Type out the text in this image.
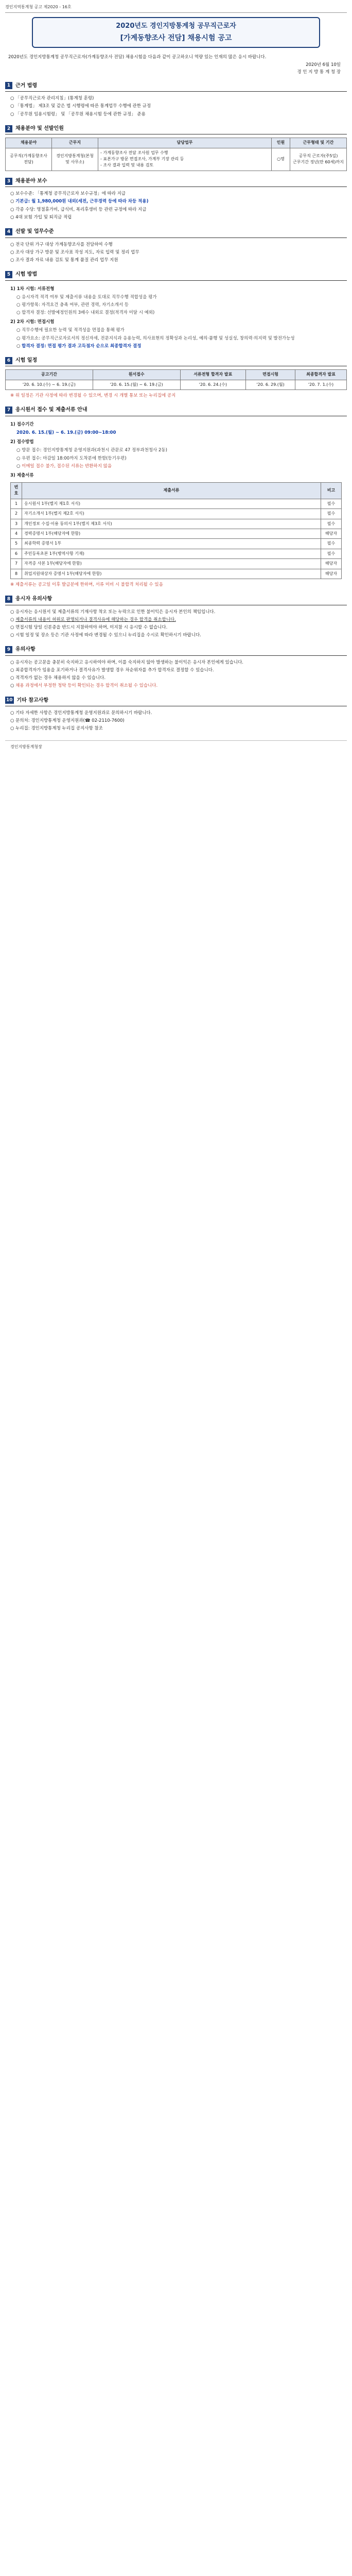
경인지역통계청 공고 제2020 - 16호
2020년도 경인지방통계청 공무직근로자
[가계동향조사 전담] 채용시험 공고
2020년도 경인지방통계청 공무직근로자(가계동향조사 전담) 채용시험을 다음과 같이 공고하오니 역량 있는 인재의 많은 응시 바랍니다.
2020년 6월 10일
경 인 지 방 통 계 청 장
1 근거 법령
○ 「공무직근로자 관리지침」(통계청 훈령)
○ 「통계법」 제3조 및 같은 법 시행령에 따른 통계업무 수행에 관한 규정
○ 「공무원 임용시험령」 및 「공무원 채용시험 등에 관한 규정」 준용
2 채용분야 및 선발인원
채용분야	근무지	담당업무	인원	근무형태 및 기간
공무직(가계동향조사 전담)	경인지방통계청(본청 및 사무소)	- 가계동향조사 전담 조사원 업무 수행
- 표본가구 방문 면접조사, 가계부 기장 관리 등
- 조사 결과 입력 및 내용 검토	○명	공무직 근로자(주5일)
근무기간 정년(만 60세)까지
3 채용분야 보수
○ 보수수준: 「통계청 공무직근로자 보수규정」에 따라 지급
○ 기본급: 월 1,980,000원 내외(세전, 근무경력 등에 따라 차등 적용)
○ 각종 수당: 명절휴가비, 급식비, 복리후생비 등 관련 규정에 따라 지급
○ 4대 보험 가입 및 퇴직금 적립
4 선발 및 업무수준
○ 전국 단위 가구 대상 가계동향조사를 전담하여 수행
○ 조사 대상 가구 방문 및 조사표 작성 지도, 자료 입력 및 정리 업무
○ 조사 결과 자료 내용 검토 및 통계 품질 관리 업무 지원
5 시험 방법
1) 1차 시험: 서류전형
○ 응시자격 적격 여부 및 제출서류 내용을 토대로 직무수행 적합성을 평가
○ 평가항목: 자격요건 충족 여부, 관련 경력, 자기소개서 등
○ 합격자 결정: 선발예정인원의 3배수 내외로 결정(적격자 미달 시 예외)
2) 2차 시험: 면접시험
○ 직무수행에 필요한 능력 및 적격성을 면접을 통해 평가
○ 평가요소: 공무직근로자로서의 정신자세, 전문지식과 응용능력, 의사표현의 정확성과 논리성, 예의·품행 및 성실성, 창의력·의지력 및 발전가능성
○ 합격자 결정: 면접 평가 결과 고득점자 순으로 최종합격자 결정
6 시험 일정
공고기간	원서접수	서류전형 합격자 발표	면접시험	최종합격자 발표
'20. 6. 10.(수) ~ 6. 19.(금)	'20. 6. 15.(월) ~ 6. 19.(금)	'20. 6. 24.(수)	'20. 6. 29.(월)	'20. 7. 1.(수)
※ 위 일정은 기관 사정에 따라 변경될 수 있으며, 변경 시 개별 통보 또는 누리집에 공지
7 응시원서 접수 및 제출서류 안내
1) 접수기간
2020. 6. 15.(월) ~ 6. 19.(금) 09:00~18:00
2) 접수방법
○ 방문 접수: 경인지방통계청 운영지원과(과천시 관문로 47 정부과천청사 2동)
○ 우편 접수: 마감일 18:00까지 도착분에 한함(등기우편)
○ 이메일 접수 불가, 접수된 서류는 반환하지 않음
3) 제출서류
번호	제출서류	비고
1	응시원서 1부(별지 제1호 서식)	필수
2	자기소개서 1부(별지 제2호 서식)	필수
3	개인정보 수집·이용 동의서 1부(별지 제3호 서식)	필수
4	경력증명서 1부(해당자에 한함)	해당자
5	최종학력 증명서 1부	필수
6	주민등록초본 1부(병역사항 기재)	필수
7	자격증 사본 1부(해당자에 한함)	해당자
8	취업지원대상자 증명서 1부(해당자에 한함)	해당자
※ 제출서류는 공고일 이후 발급분에 한하며, 서류 미비 시 불합격 처리될 수 있음
8 응시자 유의사항
○ 응시자는 응시원서 및 제출서류의 기재사항 착오 또는 누락으로 인한 불이익은 응시자 본인의 책임입니다.
○ 제출서류의 내용이 허위로 판명되거나 결격사유에 해당하는 경우 합격을 취소합니다.
○ 면접시험 당일 신분증을 반드시 지참하여야 하며, 미지참 시 응시할 수 없습니다.
○ 시험 일정 및 장소 등은 기관 사정에 따라 변경될 수 있으니 누리집을 수시로 확인하시기 바랍니다.
9 유의사항
○ 응시자는 공고문을 충분히 숙지하고 응시하여야 하며, 이를 숙지하지 않아 발생하는 불이익은 응시자 본인에게 있습니다.
○ 최종합격자가 임용을 포기하거나 결격사유가 발생할 경우 차순위자를 추가 합격자로 결정할 수 있습니다.
○ 적격자가 없는 경우 채용하지 않을 수 있습니다.
○ 채용 과정에서 부정한 청탁 등이 확인되는 경우 합격이 취소될 수 있습니다.
10 기타 참고사항
○ 기타 자세한 사항은 경인지방통계청 운영지원과로 문의하시기 바랍니다.
○ 문의처: 경인지방통계청 운영지원과(☎ 02-2110-7600)
○ 누리집: 경인지방통계청 누리집 공지사항 참조
경인지방통계청장
